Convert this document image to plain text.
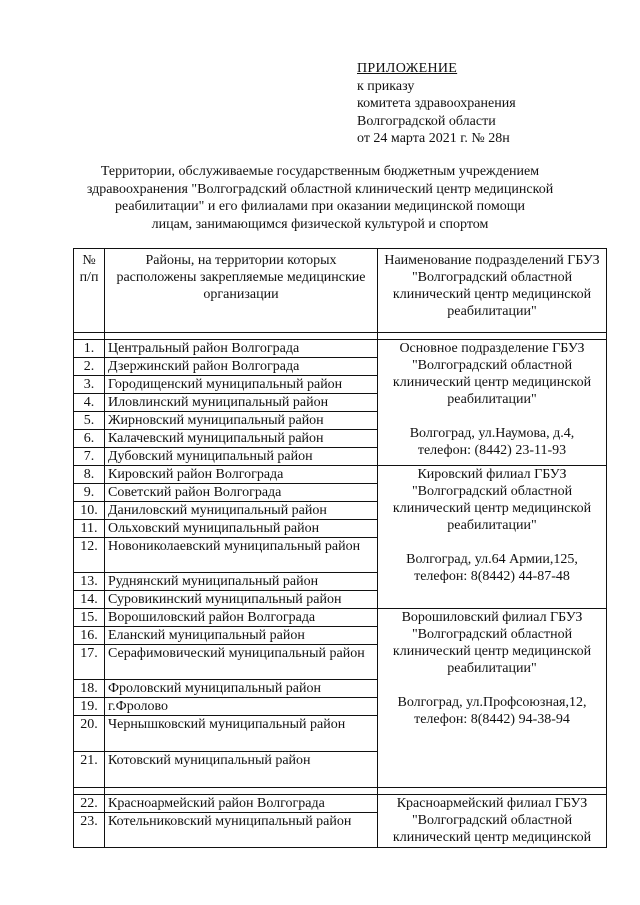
ПРИЛОЖЕНИЕ
к приказу
комитета здравоохранения
Волгоградской области
от 24 марта 2021 г. № 28н
Территории, обслуживаемые государственным бюджетным учреждением
здравоохранения "Волгоградский областной клинический центр медицинской
реабилитации" и его филиалами при оказании медицинской помощи
лицам, занимающимся физической культурой и спортом
№
п/п	Районы, на территории которых расположены закрепляемые медицинские организации	Наименование подразделений ГБУЗ "Волгоградский областной клинический центр медицинской реабилитации"

1.	Центральный район Волгограда	Основное подразделение ГБУЗ "Волгоградский областной клинический центр медицинской реабилитации"
Волгоград, ул.Наумова, д.4,
телефон: (8442) 23-11-93
2.	Дзержинский район Волгограда	
3.	Городищенский муниципальный район	
4.	Иловлинский муниципальный район	
5.	Жирновский муниципальный район	
6.	Калачевский муниципальный район	
7.	Дубовский муниципальный район	
8.	Кировский район Волгограда	Кировский филиал ГБУЗ "Волгоградский областной клинический центр медицинской реабилитации"
Волгоград, ул.64 Армии,125,
телефон: 8(8442) 44-87-48
9.	Советский район Волгограда	
10.	Даниловский муниципальный район	
11.	Ольховский муниципальный район	
12.	Новониколаевский муниципальный район	
13.	Руднянский муниципальный район	
14.	Суровикинский муниципальный район	
15.	Ворошиловский район Волгограда	Ворошиловский филиал ГБУЗ "Волгоградский областной клинический центр медицинской реабилитации"
Волгоград, ул.Профсоюзная,12,
телефон: 8(8442) 94-38-94
16.	Еланский муниципальный район	
17.	Серафимовический муниципальный район	
18.	Фроловский муниципальный район	
19.	г.Фролово	
20.	Чернышковский муниципальный район	
21.	Котовский муниципальный район	

22.	Красноармейский район Волгограда	Красноармейский филиал ГБУЗ "Волгоградский областной клинический центр медицинской
23.	Котельниковский муниципальный район	
